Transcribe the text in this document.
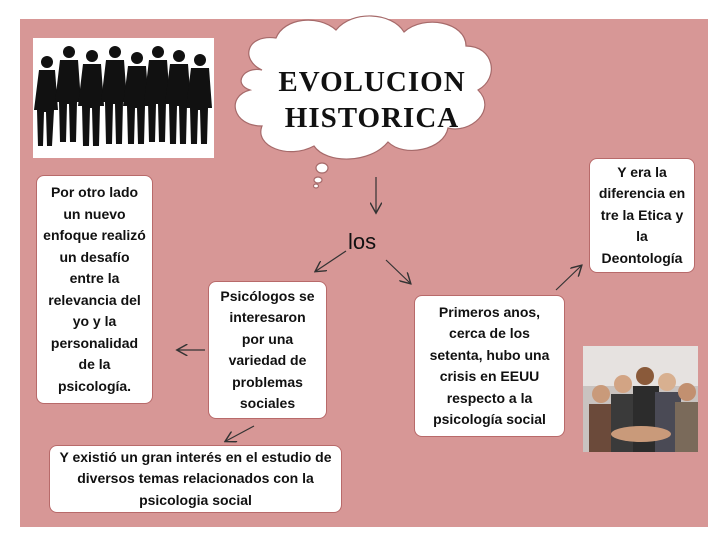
EVOLUCION HISTORICA
los
Por otro lado un nuevo enfoque realizó un desafío entre la relevancia del yo y la personalidad de la psicología.
Psicólogos se interesaron por una variedad de problemas sociales
Primeros anos, cerca de los setenta, hubo una crisis en EEUU respecto a la psicología social
Y era la diferencia en tre la Etica y la Deontología
Y existió un gran interés en el estudio de diversos temas relacionados con la psicologia social
